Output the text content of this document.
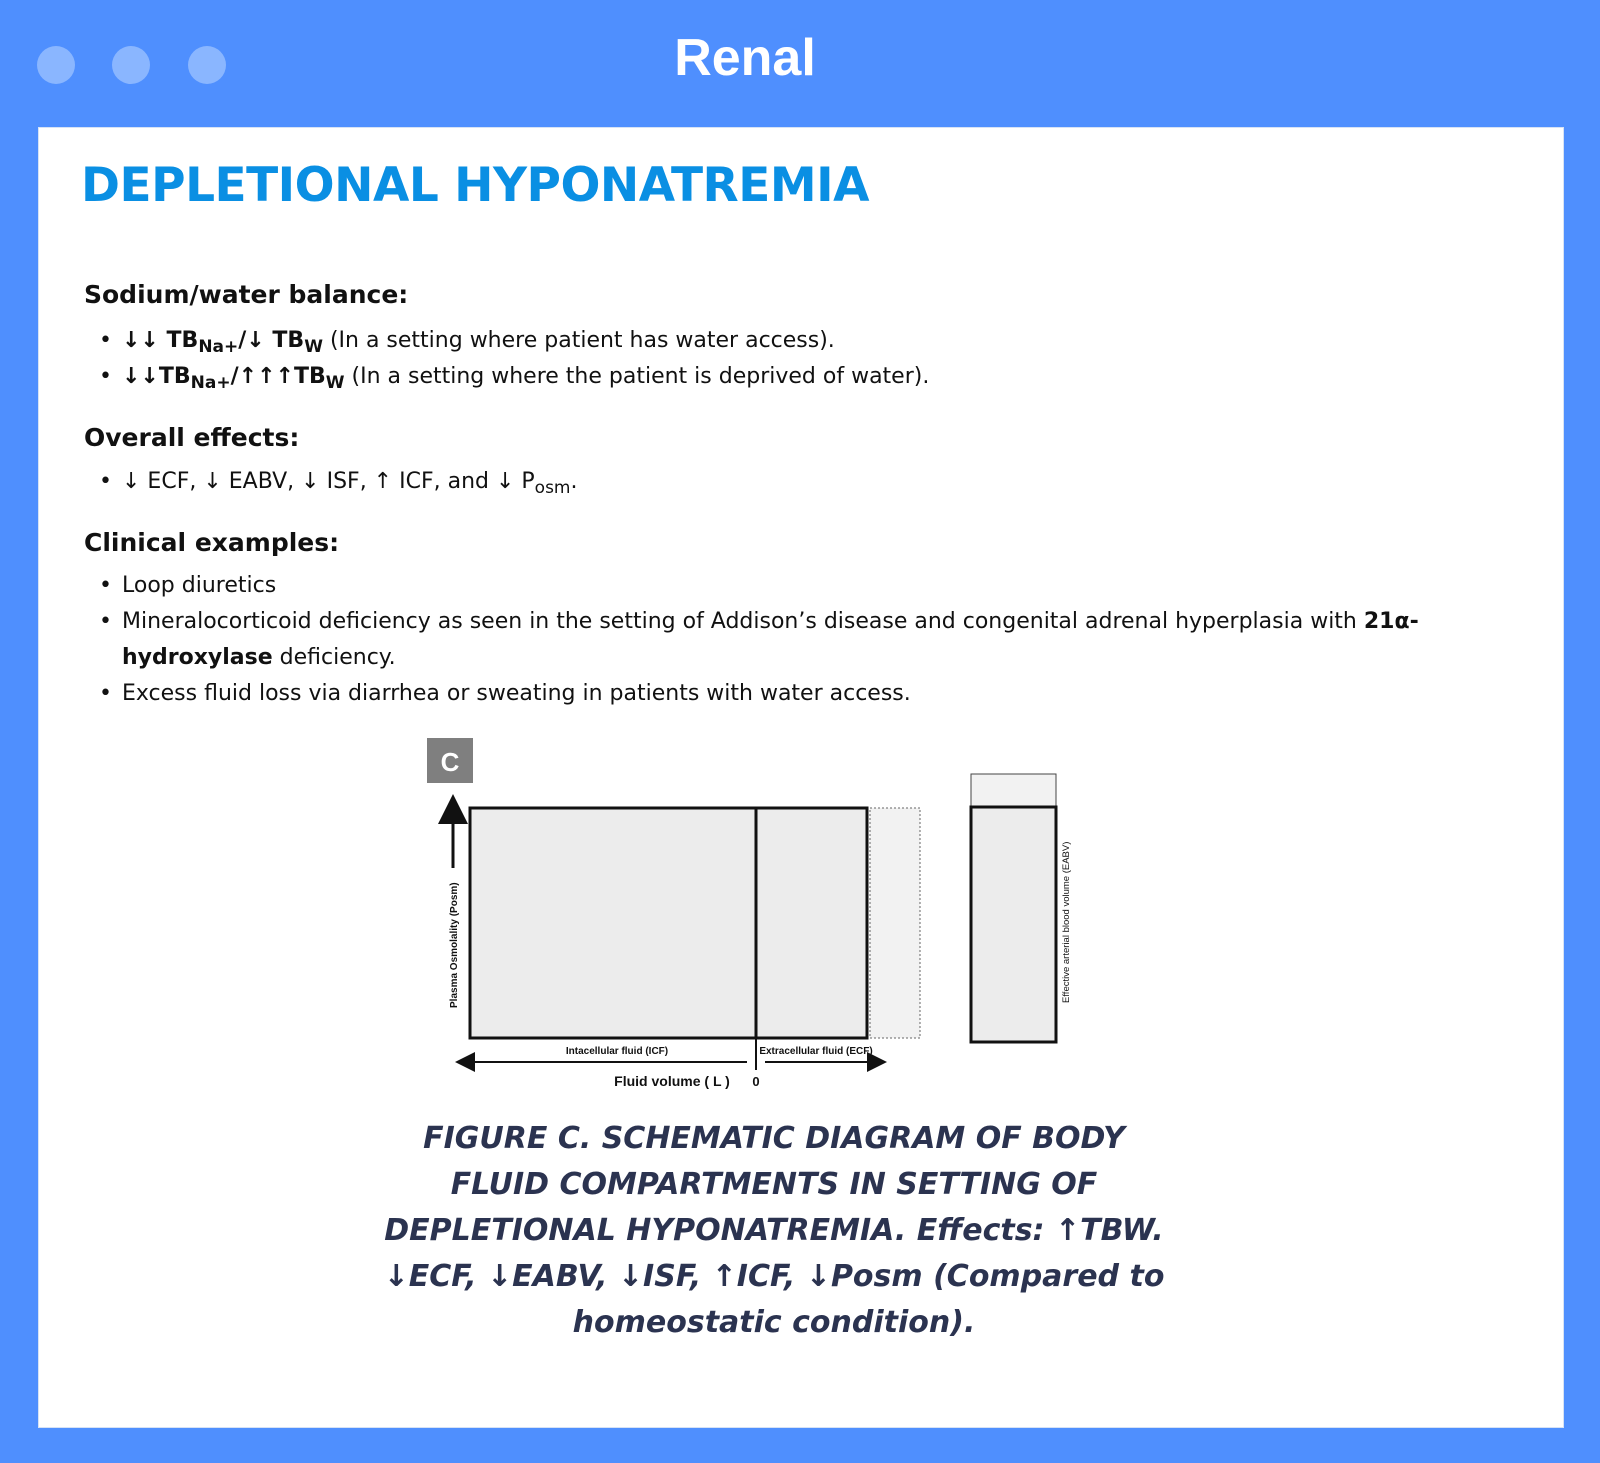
Renal
DEPLETIONAL HYPONATREMIA
Sodium/water balance:
• ↓↓ $TB_{Na+}/↓$ $TB_W$ (In a setting where patient has water access).
• $↓↓TB_{Na+}/↑↑↑TB_W$ (In a setting where the patient is deprived of water).
Overall effects:
• ↓ ECF, ↓ EABV, ↓ ISF, ↑ ICF, and ↓ $P_{osm}$.
Clinical examples:
• Loop diuretics
• Mineralocorticoid deficiency as seen in the setting of Addison’s disease and congenital adrenal hyperplasia with 21α-hydroxylase deficiency.
• Excess fluid loss via diarrhea or sweating in patients with water access.
C
Plasma Osmolality (Posm)
Intacellular fluid (ICF)	Extracellular fluid (ECF)
Fluid volume ( L ) 0
Effective arterial blood volume (EABV)

FIGURE C. SCHEMATIC DIAGRAM OF BODY FLUID COMPARTMENTS IN SETTING OF DEPLETIONAL HYPONATREMIA. Effects: ↑TBW. ↓ECF, ↓EABV, ↓ISF, ↑ICF, ↓Posm (Compared to homeostatic condition).
